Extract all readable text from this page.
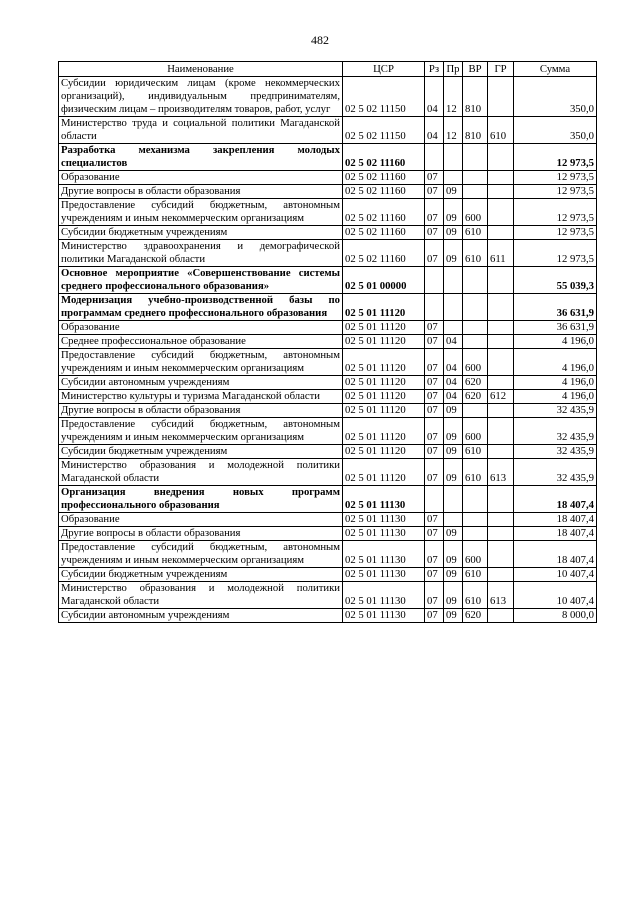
482
Наименование	ЦСР	Рз	Пр	ВР	ГР	Сумма
Субсидии юридическим лицам (кроме некоммерческих организаций), индивидуальным предпринимателям, физическим лицам – производителям товаров, работ, услуг	02 5 02 11150	04	12	810		350,0
Министерство труда и социальной политики Магаданской области	02 5 02 11150	04	12	810	610	350,0
Разработка механизма закрепления молодых специалистов	02 5 02 11160					12 973,5
Образование	02 5 02 11160	07				12 973,5
Другие вопросы в области образования	02 5 02 11160	07	09			12 973,5
Предоставление субсидий бюджетным, автономным учреждениям и иным некоммерческим организациям	02 5 02 11160	07	09	600		12 973,5
Субсидии бюджетным учреждениям	02 5 02 11160	07	09	610		12 973,5
Министерство здравоохранения и демографической политики Магаданской области	02 5 02 11160	07	09	610	611	12 973,5
Основное мероприятие «Совершенствование системы среднего профессионального образования»	02 5 01 00000					55 039,3
Модернизация учебно-производственной базы по программам среднего профессионального образования	02 5 01 11120					36 631,9
Образование	02 5 01 11120	07				36 631,9
Среднее профессиональное образование	02 5 01 11120	07	04			4 196,0
Предоставление субсидий бюджетным, автономным учреждениям и иным некоммерческим организациям	02 5 01 11120	07	04	600		4 196,0
Субсидии автономным учреждениям	02 5 01 11120	07	04	620		4 196,0
Министерство культуры и туризма Магаданской области	02 5 01 11120	07	04	620	612	4 196,0
Другие вопросы в области образования	02 5 01 11120	07	09			32 435,9
Предоставление субсидий бюджетным, автономным учреждениям и иным некоммерческим организациям	02 5 01 11120	07	09	600		32 435,9
Субсидии бюджетным учреждениям	02 5 01 11120	07	09	610		32 435,9
Министерство образования и молодежной политики Магаданской области	02 5 01 11120	07	09	610	613	32 435,9
Организация внедрения новых программ профессионального образования	02 5 01 11130					18 407,4
Образование	02 5 01 11130	07				18 407,4
Другие вопросы в области образования	02 5 01 11130	07	09			18 407,4
Предоставление субсидий бюджетным, автономным учреждениям и иным некоммерческим организациям	02 5 01 11130	07	09	600		18 407,4
Субсидии бюджетным учреждениям	02 5 01 11130	07	09	610		10 407,4
Министерство образования и молодежной политики Магаданской области	02 5 01 11130	07	09	610	613	10 407,4
Субсидии автономным учреждениям	02 5 01 11130	07	09	620		8 000,0
